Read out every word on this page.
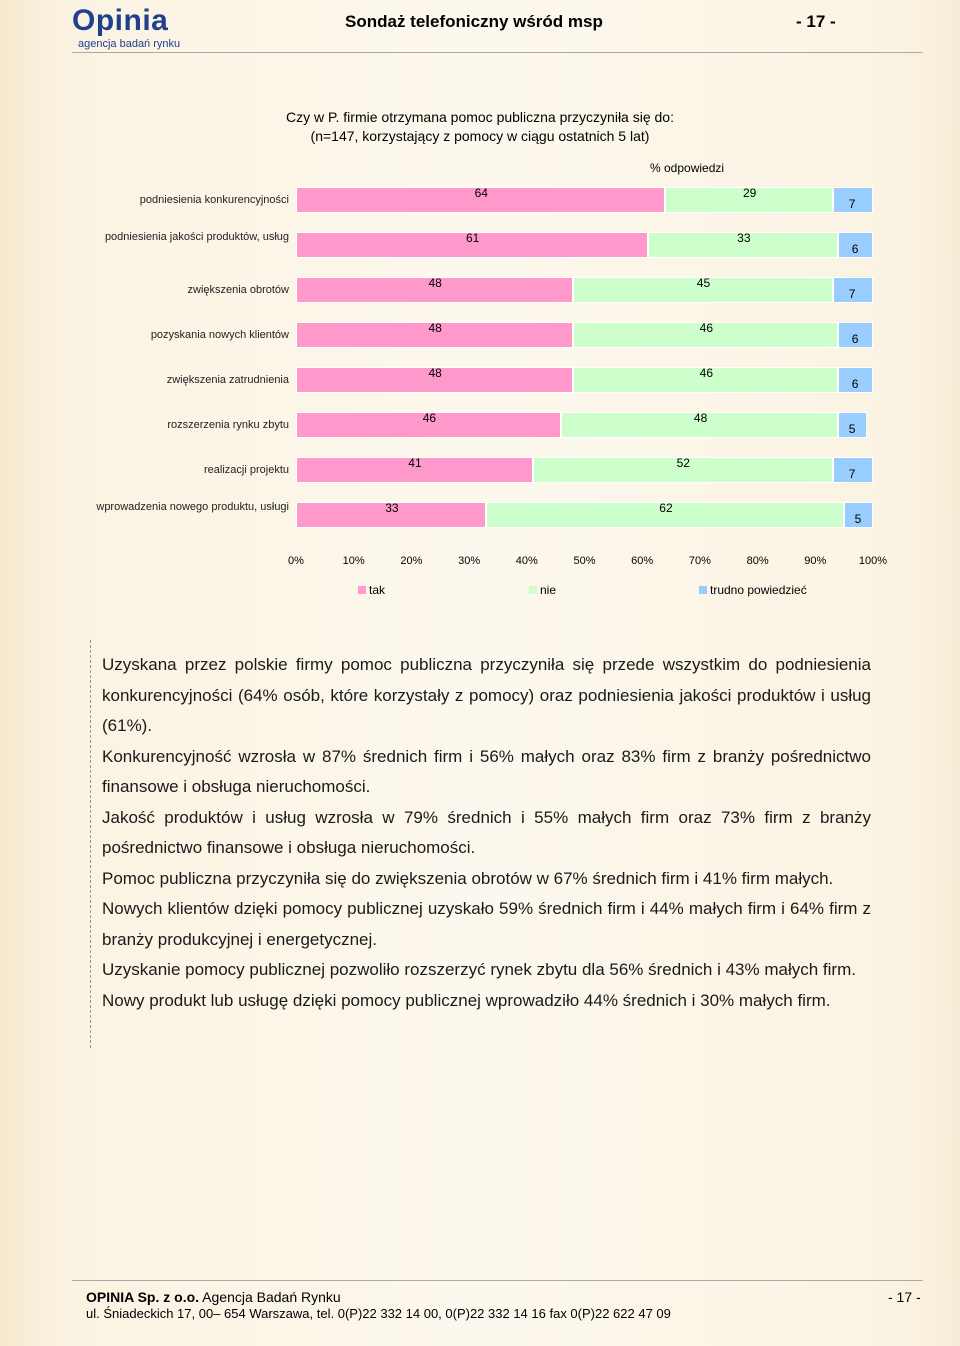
Opinia
agencja badań rynku
Sondaż telefoniczny wśród msp	- 17 -
Czy w P. firmie otrzymana pomoc publiczna przyczyniła się do:
(n=147, korzystający z pomocy w ciągu ostatnich 5 lat)
% odpowiedzi
podniesienia konkurencyjności	64	29
7
podniesienia jakości produktów, usług	61	33
6
zwiększenia obrotów	48	45
7
pozyskania nowych klientów	48	46
6
zwiększenia zatrudnienia	48	46
6
rozszerzenia rynku zbytu	46	48
5
realizacji projektu	41	52
7
wprowadzenia nowego produktu, usługi	33	62
5
0%	10%	20%	30%	40%	50%	60%	70%	80%	90%	100%
tak	nie	trudno powiedzieć

Uzyskana przez polskie firmy pomoc publiczna przyczyniła się przede wszystkim do podniesienia konkurencyjności (64% osób, które korzystały z pomocy) oraz podniesienia jakości produktów i usług (61%).

Konkurencyjność wzrosła w 87% średnich firm i 56% małych oraz 83% firm z branży pośrednictwo finansowe i obsługa nieruchomości.

Jakość produktów i usług wzrosła w 79% średnich i 55% małych firm oraz 73% firm z branży pośrednictwo finansowe i obsługa nieruchomości.

Pomoc publiczna przyczyniła się do zwiększenia obrotów w 67% średnich firm i 41% firm małych.

Nowych klientów dzięki pomocy publicznej uzyskało 59% średnich firm i 44% małych firm i 64% firm z branży produkcyjnej i energetycznej.

Uzyskanie pomocy publicznej pozwoliło rozszerzyć rynek zbytu dla 56% średnich i 43% małych firm.

Nowy produkt lub usługę dzięki pomocy publicznej wprowadziło 44% średnich i 30% małych firm.

OPINIA Sp. z o.o. Agencja Badań Rynku
ul. Śniadeckich 17, 00– 654 Warszawa, tel. 0(P)22 332 14 00, 0(P)22 332 14 16 fax 0(P)22 622 47 09
- 17 -
